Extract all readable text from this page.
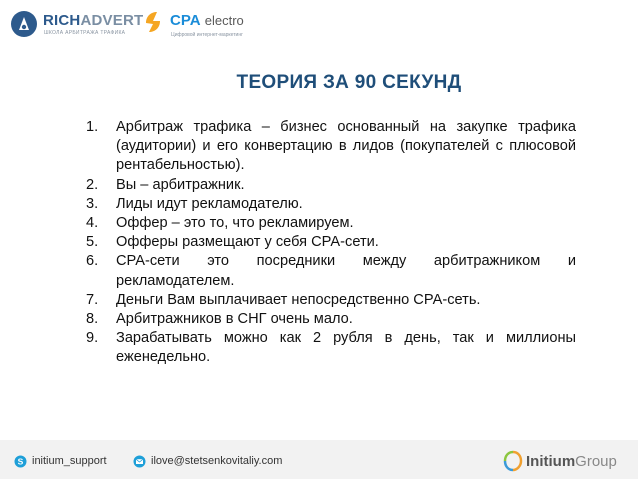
RICHADVERT
ШКОЛА АРБИТРАЖА ТРАФИКА
CPA electro
Цифровой интернет-маркетинг
ТЕОРИЯ ЗА 90 СЕКУНД
1. Арбитраж трафика – бизнес основанный на закупке трафика (аудитории) и его конвертацию в лидов (покупателей с плюсовой рентабельностью).
2. Вы – арбитражник.
3. Лиды идут рекламодателю.
4. Оффер – это то, что рекламируем.
5. Офферы размещают у себя СРА-сети.
6. СРА-сети это посредники между арбитражником и рекламодателем.
7. Деньги Вам выплачивает непосредственно СРА-сеть.
8. Арбитражников в СНГ очень мало.
9. Зарабатывать можно как 2 рубля в день, так и миллионы еженедельно.
S initium_support	ilove@stetsenkovitaliy.com	InitiumGroup
